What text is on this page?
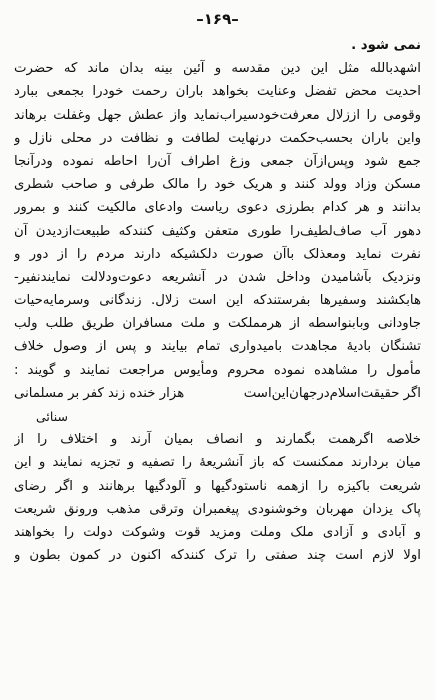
–۱۶۹–
نمی شود .
اشهدبالله مثل این دین مقدسه و آئین بینه بدان ماند که حضرت
احدیت محض تفضل وعنایت بخواهد باران رحمت خودرا بجمعی ببارد
وقومی را اززلال معرفت‌خودسیراب‌نماید واز عطش جهل وغفلت برهاند
واین باران بحسب‌حکمت درنهایت لطافت و نظافت در محلی نازل و
جمع شود وپس‌ازآن جمعی وزغ اطراف آن‌را احاطه نموده ودرآنجا
مسکن وزاد وولد کنند و هریک خود را مالک طرفی و صاحب شطری
بدانند و هر کدام بطرزی دعوی ریاست وادعای مالکیت کنند و بمرور
دهور آب صاف‌لطیف‌را طوری متعفن وکثیف کنندکه طبیعت‌ازدیدن آن
نفرت نماید ومعذلک باآن صورت دلکشیکه دارند مردم را از دور و
ونزدیک بآشامیدن وداخل شدن در آنشریعه دعوت‌ودلالت نمایندنفیر-
هابکشند وسفیرها بفرستندکه این است زلال. زندگانی وسرمایه‌حیات
جاودانی وبابنواسطه از هرمملکت و ملت مسافران طریق طلب ولب
تشنگان بادیهٔ مجاهدت بامیدواری تمام بیایند و پس از وصول خلاف
مأمول را مشاهده نموده محروم ومأیوس مراجعت نمایند و گویند :
اگر حقیقت‌اسلام‌درجهان‌این‌است
هزار خنده زند کفر بر مسلمانی
سنائی
خلاصه اگرهمت بگمارند و انصاف بمیان آرند و اختلاف را از
میان بردارند ممکنست که باز آنشریعهٔ را تصفیه و تجزیه نمایند و این
شریعت باکیزه را ازهمه ناستودگیها و آلودگیها برهانند و اگر رضای
پاک یزدان مهربان وخوشنودی پیغمبران وترقی مذهب ورونق شریعت
و آبادی و آزادی ملک وملت ومزید قوت وشوکت دولت را بخواهند
اولا لازم است چند صفتی را ترک کنندکه اکنون در کمون بطون و
